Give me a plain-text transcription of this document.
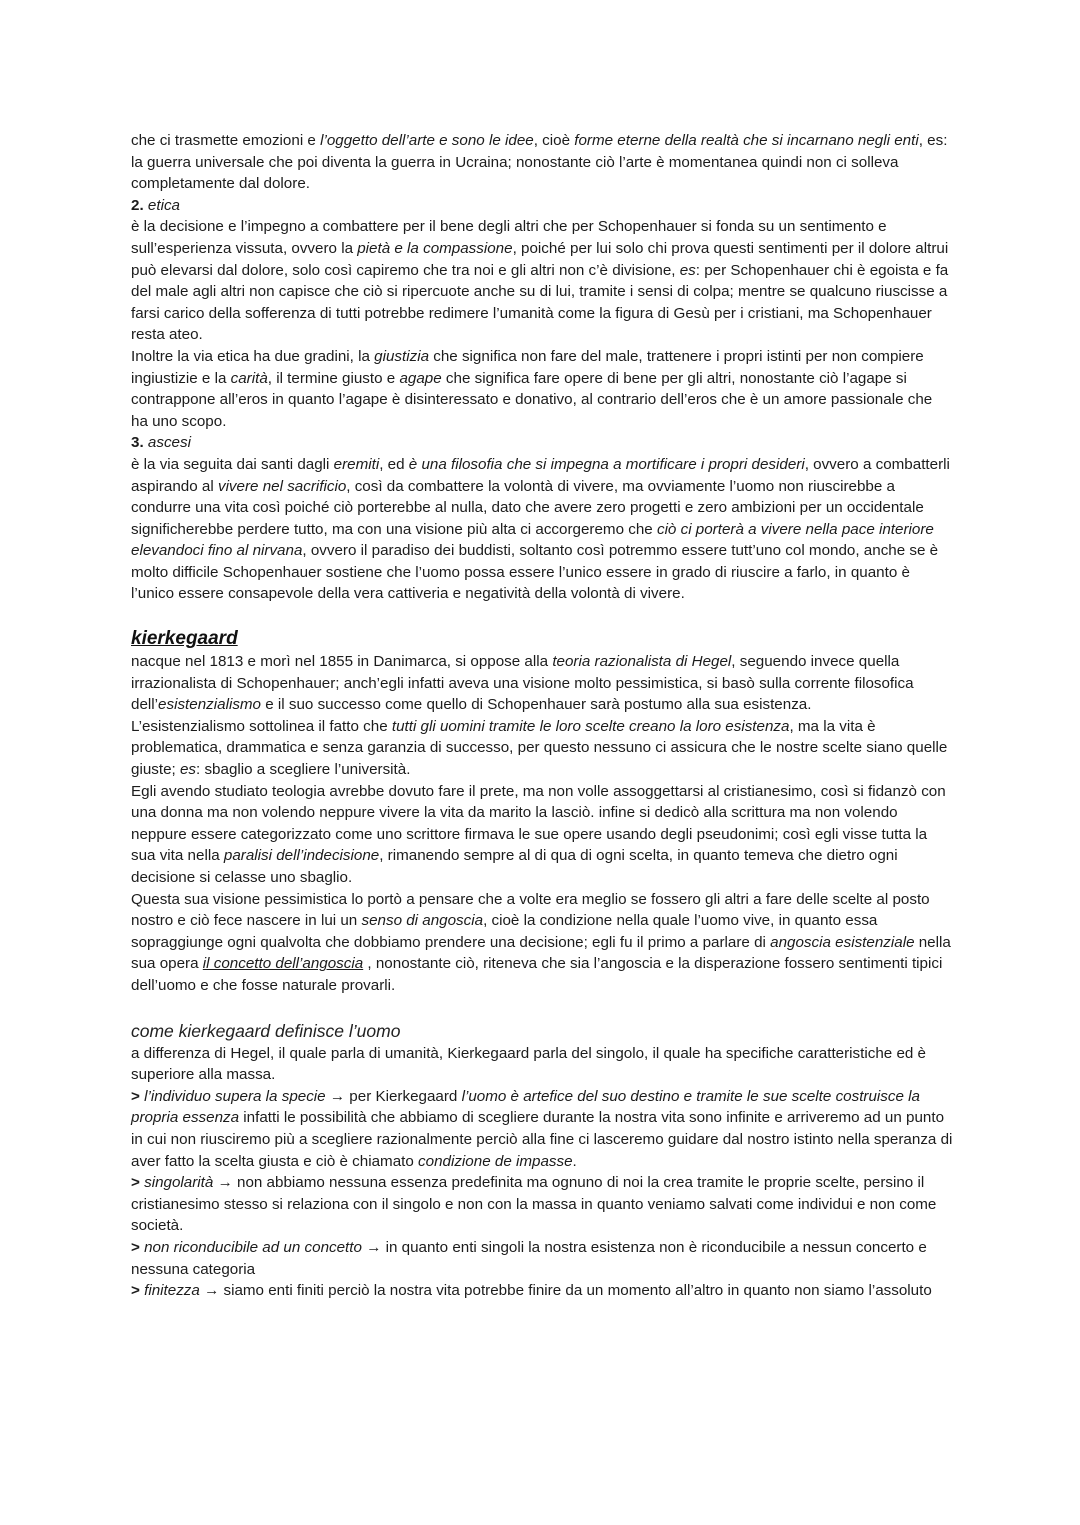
che ci trasmette emozioni e l’oggetto dell’arte e sono le idee, cioè forme eterne della realtà che si incarnano negli enti, es: la guerra universale che poi diventa la guerra in Ucraina; nonostante ciò l’arte è momentanea quindi non ci solleva completamente dal dolore.

2. etica

è la decisione e l’impegno a combattere per il bene degli altri che per Schopenhauer si fonda su un sentimento e sull’esperienza vissuta, ovvero la pietà e la compassione, poiché per lui solo chi prova questi sentimenti per il dolore altrui può elevarsi dal dolore, solo così capiremo che tra noi e gli altri non c’è divisione, es: per Schopenhauer chi è egoista e fa del male agli altri non capisce che ciò si ripercuote anche su di lui, tramite i sensi di colpa; mentre se qualcuno riuscisse a farsi carico della sofferenza di tutti potrebbe redimere l’umanità come la figura di Gesù per i cristiani, ma Schopenhauer resta ateo.

Inoltre la via etica ha due gradini, la giustizia che significa non fare del male, trattenere i propri istinti per non compiere ingiustizie e la carità, il termine giusto e agape che significa fare opere di bene per gli altri, nonostante ciò l’agape si contrappone all’eros in quanto l’agape è disinteressato e donativo, al contrario dell’eros che è un amore passionale che ha uno scopo.

3. ascesi

è la via seguita dai santi dagli eremiti, ed è una filosofia che si impegna a mortificare i propri desideri, ovvero a combatterli aspirando al vivere nel sacrificio, così da combattere la volontà di vivere, ma ovviamente l’uomo non riuscirebbe a condurre una vita così poiché ciò porterebbe al nulla, dato che avere zero progetti e zero ambizioni per un occidentale significherebbe perdere tutto, ma con una visione più alta ci accorgeremo che ciò ci porterà a vivere nella pace interiore elevandoci fino al nirvana, ovvero il paradiso dei buddisti, soltanto così potremmo essere tutt’uno col mondo, anche se è molto difficile Schopenhauer sostiene che l’uomo possa essere l’unico essere in grado di riuscire a farlo, in quanto è l’unico essere consapevole della vera cattiveria e negatività della volontà di vivere.

kierkegaard

nacque nel 1813 e morì nel 1855 in Danimarca, si oppose alla teoria razionalista di Hegel, seguendo invece quella irrazionalista di Schopenhauer; anch’egli infatti aveva una visione molto pessimistica, si basò sulla corrente filosofica dell’esistenzialismo e il suo successo come quello di Schopenhauer sarà postumo alla sua esistenza.

L’esistenzialismo sottolinea il fatto che tutti gli uomini tramite le loro scelte creano la loro esistenza, ma la vita è problematica, drammatica e senza garanzia di successo, per questo nessuno ci assicura che le nostre scelte siano quelle giuste; es: sbaglio a scegliere l’università.

Egli avendo studiato teologia avrebbe dovuto fare il prete, ma non volle assoggettarsi al cristianesimo, così si fidanzò con una donna ma non volendo neppure vivere la vita da marito la lasciò. infine si dedicò alla scrittura ma non volendo neppure essere categorizzato come uno scrittore firmava le sue opere usando degli pseudonimi; così egli visse tutta la sua vita nella paralisi dell’indecisione, rimanendo sempre al di qua di ogni scelta, in quanto temeva che dietro ogni decisione si celasse uno sbaglio.

Questa sua visione pessimistica lo portò a pensare che a volte era meglio se fossero gli altri a fare delle scelte al posto nostro e ciò fece nascere in lui un senso di angoscia, cioè la condizione nella quale l’uomo vive, in quanto essa sopraggiunge ogni qualvolta che dobbiamo prendere una decisione; egli fu il primo a parlare di angoscia esistenziale nella sua opera il concetto dell’angoscia , nonostante ciò, riteneva che sia l’angoscia e la disperazione fossero sentimenti tipici dell’uomo e che fosse naturale provarli.

come kierkegaard definisce l’uomo

a differenza di Hegel, il quale parla di umanità, Kierkegaard parla del singolo, il quale ha specifiche caratteristiche ed è superiore alla massa.

> l’individuo supera la specie → per Kierkegaard l’uomo è artefice del suo destino e tramite le sue scelte costruisce la propria essenza infatti le possibilità che abbiamo di scegliere durante la nostra vita sono infinite e arriveremo ad un punto in cui non riusciremo più a scegliere razionalmente perciò alla fine ci lasceremo guidare dal nostro istinto nella speranza di aver fatto la scelta giusta e ciò è chiamato condizione de impasse.

> singolarità → non abbiamo nessuna essenza predefinita ma ognuno di noi la crea tramite le proprie scelte, persino il cristianesimo stesso si relaziona con il singolo e non con la massa in quanto veniamo salvati come individui e non come società.

> non riconducibile ad un concetto → in quanto enti singoli la nostra esistenza non è riconducibile a nessun concerto e nessuna categoria

> finitezza → siamo enti finiti perciò la nostra vita potrebbe finire da un momento all’altro in quanto non siamo l’assoluto
